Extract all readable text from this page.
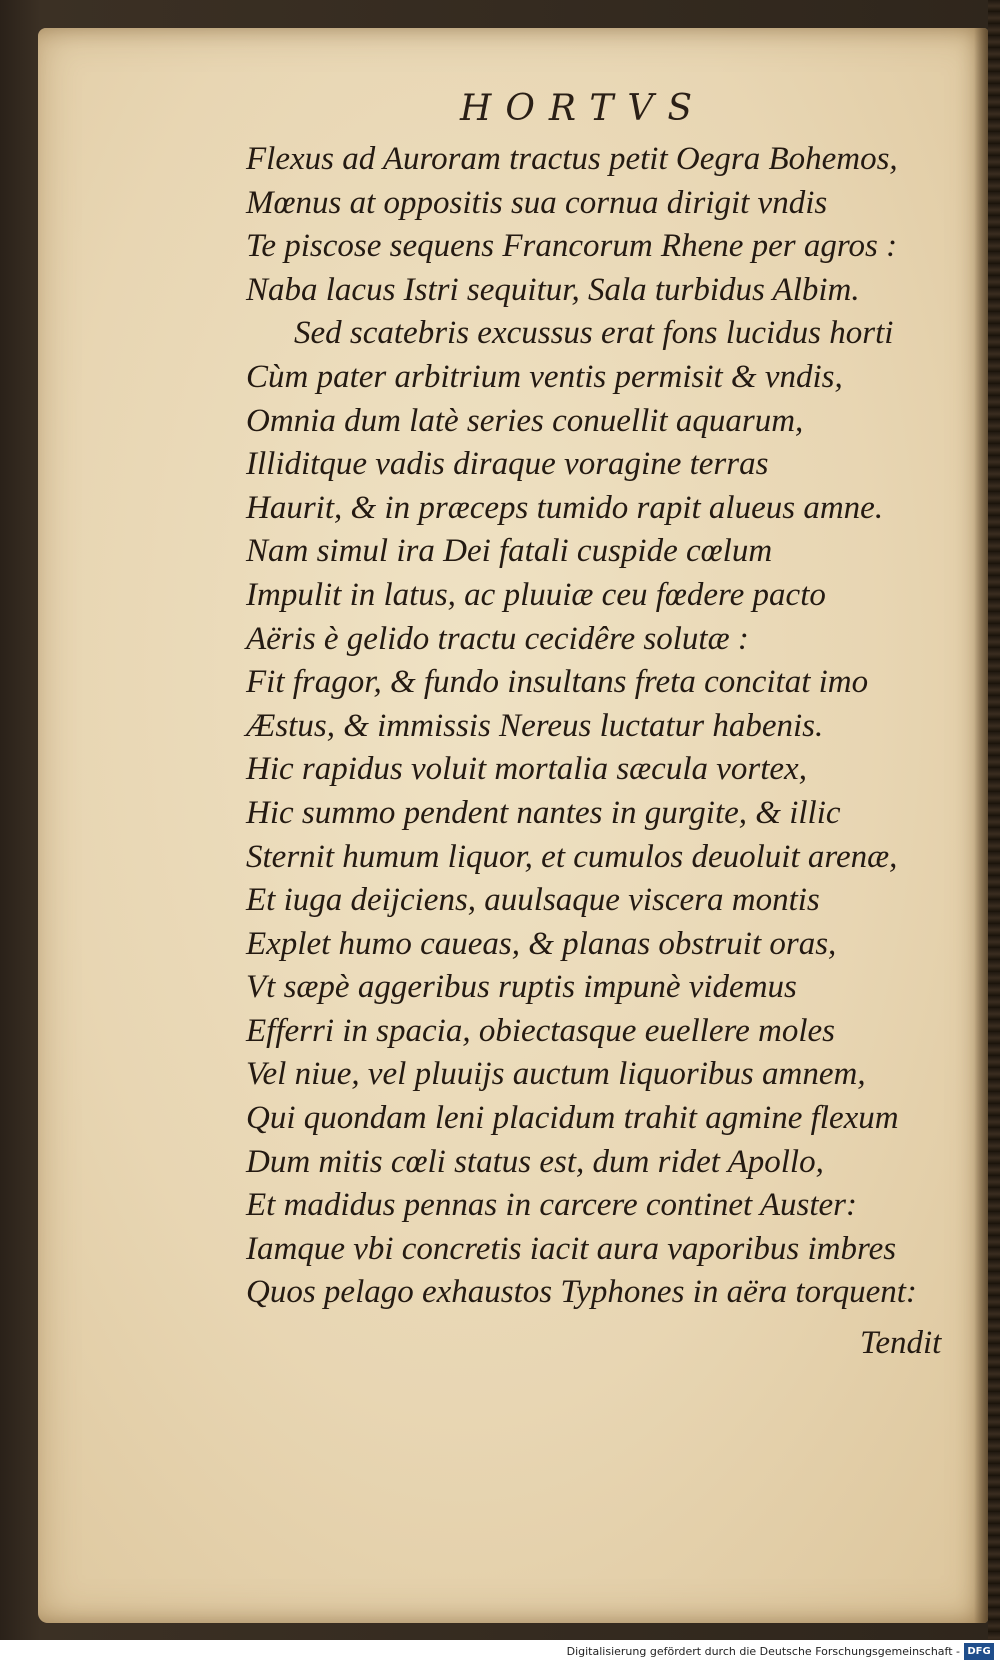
HORTVS
Flexus ad Auroram tractus petit Oegra Bohemos,
Mœnus at oppositis sua cornua dirigit vndis
Te piscose sequens Francorum Rhene per agros :
Naba lacus Istri sequitur, Sala turbidus Albim.
Sed scatebris excussus erat fons lucidus horti
Cùm pater arbitrium ventis permisit & vndis,
Omnia dum latè series conuellit aquarum,
Illiditque vadis diraque voragine terras
Haurit, & in præceps tumido rapit alueus amne.
Nam simul ira Dei fatali cuspide cœlum
Impulit in latus, ac pluuiæ ceu fœdere pacto
Aëris è gelido tractu cecidêre solutæ :
Fit fragor, & fundo insultans freta concitat imo
Æstus, & immissis Nereus luctatur habenis.
Hic rapidus voluit mortalia sæcula vortex,
Hic summo pendent nantes in gurgite, & illic
Sternit humum liquor, et cumulos deuoluit arenæ,
Et iuga deijciens, auulsaque viscera montis
Explet humo caueas, & planas obstruit oras,
Vt sæpè aggeribus ruptis impunè videmus
Efferri in spacia, obiectasque euellere moles
Vel niue, vel pluuijs auctum liquoribus amnem,
Qui quondam leni placidum trahit agmine flexum
Dum mitis cœli status est, dum ridet Apollo,
Et madidus pennas in carcere continet Auster:
Iamque vbi concretis iacit aura vaporibus imbres
Quos pelago exhaustos Typhones in aëra torquent:
Tendit
Digitalisierung gefördert durch die Deutsche Forschungsgemeinschaft - DFG
